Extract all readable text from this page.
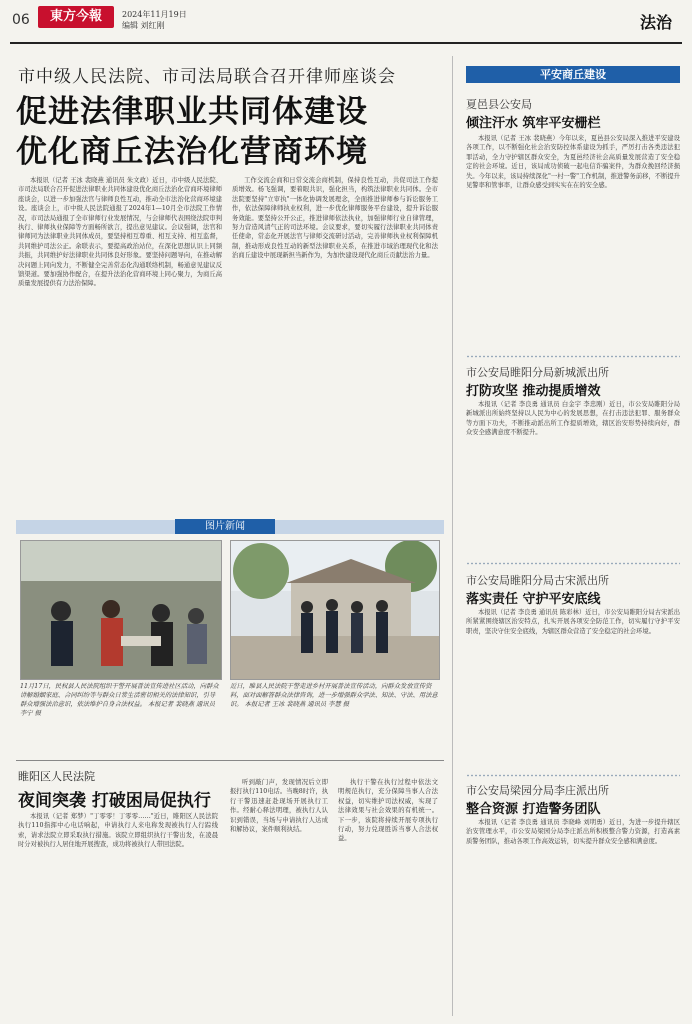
06	東方今報	2024年11月19日
编辑 刘红刚	法治
市中级人民法院、市司法局联合召开律师座谈会
促进法律职业共同体建设
优化商丘法治化营商环境

本报讯（记者 王冰 裴晓燕 通讯员 朱文政）近日，市中级人民法院、市司法局联合召开促进法律职业共同体建设优化商丘法治化营商环境律师座谈会，以进一步加强法官与律师良性互动，推动全市法治化营商环境建设。座谈会上，市中级人民法院通报了2024年1—10月全市法院工作情况，市司法局通报了全市律师行业发展情况，与会律师代表围绕法院审判执行、律师执业保障等方面畅所欲言，提出意见建议。会议强调，法官和律师同为法律职业共同体成员，要坚持相互尊重、相互支持、相互监督，共同维护司法公正。余联表示，要提高政治站位，在深化思想认识上同频共振，共同维护好法律职业共同体良好形象。要坚持问题导向，在推动解决问题上同向发力，不断健全完善常态化沟通联络机制，畅通意见建议反馈渠道。要加强协作配合，在提升法治化营商环境上同心聚力，为商丘高质量发展提供有力法治保障。

工作交流会商和日常交流会商机制，保持良性互动，共促司法工作提质增效。杨飞强调，要着眼共识，强化担当，构筑法律职业共同体。全市法院要坚持"立审执"一体化协调发展理念，全面推进律师参与诉讼服务工作，依法保障律师执业权利，进一步优化律师服务平台建设，提升诉讼服务效能。要坚持公开公正，推进律师依法执业，加强律师行业自律管理，努力营造风清气正的司法环境。会议要求，要切实履行法律职业共同体责任使命，常态化开展法官与律师交流研讨活动，完善律师执业权利保障机制，推动形成良性互动的新型法律职业关系，在推进市域治理现代化和法治商丘建设中展现新担当新作为，为加快建设现代化商丘贡献法治力量。

图片新闻
11月17日，民权县人民法院组织干警开展普法宣传进社区活动，向群众讲解婚姻家庭、合同纠纷等与群众日常生活密切相关的法律知识，引导群众增强法治意识，依法维护自身合法权益。 本报记者 裴晓燕 通讯员 李宁 摄
近日，睢县人民法院干警走进乡村开展普法宣传活动，向群众发放宣传资料，面对面解答群众法律咨询，进一步增强群众学法、知法、守法、用法意识。 本报记者 王冰 裴晓燕 通讯员 李慧 摄
睢阳区人民法院
夜间突袭 打破困局促执行

本报讯（记者 郑梦）"丁零零！丁零零……"近日，睢阳区人民法院执行110指挥中心电话响起，申请执行人来电称发现被执行人行踪线索，请求法院立即采取执行措施。该院立即组织执行干警出发，在凌晨时分对被执行人居住地开展搜查，成功将被执行人带回法院。

听到敲门声，发现情况后立即报打执行110电话。当晚8时许，执行干警迅速赶赴现场开展执行工作。经耐心释法明理，被执行人认识到错误，当场与申请执行人达成和解协议，案件顺利执结。

执行干警在执行过程中依法文明规范执行，充分保障当事人合法权益，切实维护司法权威，实现了法律效果与社会效果的有机统一。下一步，该院将持续开展专项执行行动，努力兑现胜诉当事人合法权益。

平安商丘建设
夏邑县公安局
倾注汗水 筑牢平安栅栏

本报讯（记者 王冰 裴晓燕）今年以来，夏邑县公安局深入推进平安建设各项工作，以不断强化社会治安防控体系建设为抓手，严厉打击各类违法犯罪活动，全力守护辖区群众安全，为夏邑经济社会高质量发展营造了安全稳定的社会环境。近日，该局成功侦破一起电信诈骗案件，为群众挽回经济损失。今年以来，该局持续深化"一村一警"工作机制，推进警务前移，不断提升见警率和管事率，让群众感受到实实在在的安全感。

市公安局睢阳分局新城派出所
打防攻坚 推动提质增效

本报讯（记者 李良勇 通讯员 白金宇 李忠刚）近日，市公安局睢阳分局新城派出所始终坚持以人民为中心的发展思想，在打击违法犯罪、服务群众等方面下功夫，不断推动派出所工作提质增效，辖区治安形势持续向好，群众安全感满意度不断提升。

市公安局睢阳分局古宋派出所
落实责任 守护平安底线

本报讯（记者 李良勇 通讯员 陈彩林）近日，市公安局睢阳分局古宋派出所紧紧围绕辖区治安特点，扎实开展各项安全防范工作，切实履行守护平安职责，坚决守住安全底线，为辖区群众营造了安全稳定的社会环境。

市公安局梁园分局李庄派出所
整合资源 打造警务团队

本报讯（记者 李良勇 通讯员 李晓峰 刘明勇）近日，为进一步提升辖区治安管理水平，市公安局梁园分局李庄派出所积极整合警力资源，打造高素质警务团队，推动各项工作高效运转，切实提升群众安全感和满意度。
